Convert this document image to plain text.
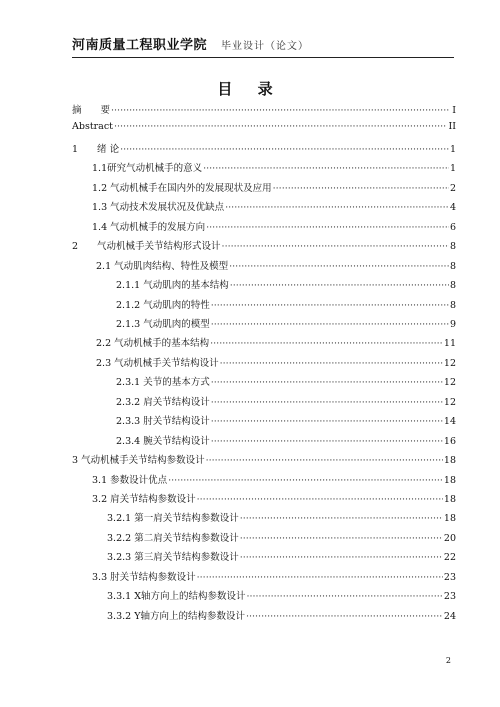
河南质量工程职业学院 毕业设计（论文）
目 录
摘　　要 ·····	I
Abstract ·····	II
1　　绪 论 ·····	1
1.1研究气动机械手的意义 ·····	1
1.2 气动机械手在国内外的发展现状及应用 ·····	2
1.3 气动技术发展状况及优缺点 ·····	4
1.4 气动机械手的发展方向 ·····	6
2　　气动机械手关节结构形式设计 ·····	8
2.1 气动肌肉结构、特性及模型 ·····	8
2.1.1 气动肌肉的基本结构 ·····	8
2.1.2 气动肌肉的特性 ·····	8
2.1.3 气动肌肉的模型 ·····	9
2.2 气动机械手的基本结构 ·····	11
2.3 气动机械手关节结构设计 ·····	12
2.3.1 关节的基本方式 ·····	12
2.3.2 肩关节结构设计 ·····	12
2.3.3 肘关节结构设计 ·····	14
2.3.4 腕关节结构设计 ·····	16
3 气动机械手关节结构参数设计 ·····	18
3.1 参数设计优点 ·····	18
3.2 肩关节结构参数设计 ·····	18
3.2.1 第一肩关节结构参数设计 ·····	18
3.2.2 第二肩关节结构参数设计 ·····	20
3.2.3 第三肩关节结构参数设计 ·····	22
3.3 肘关节结构参数设计 ·····	23
3.3.1 X轴方向上的结构参数设计 ·····	23
3.3.2 Y轴方向上的结构参数设计 ·····	24
2
